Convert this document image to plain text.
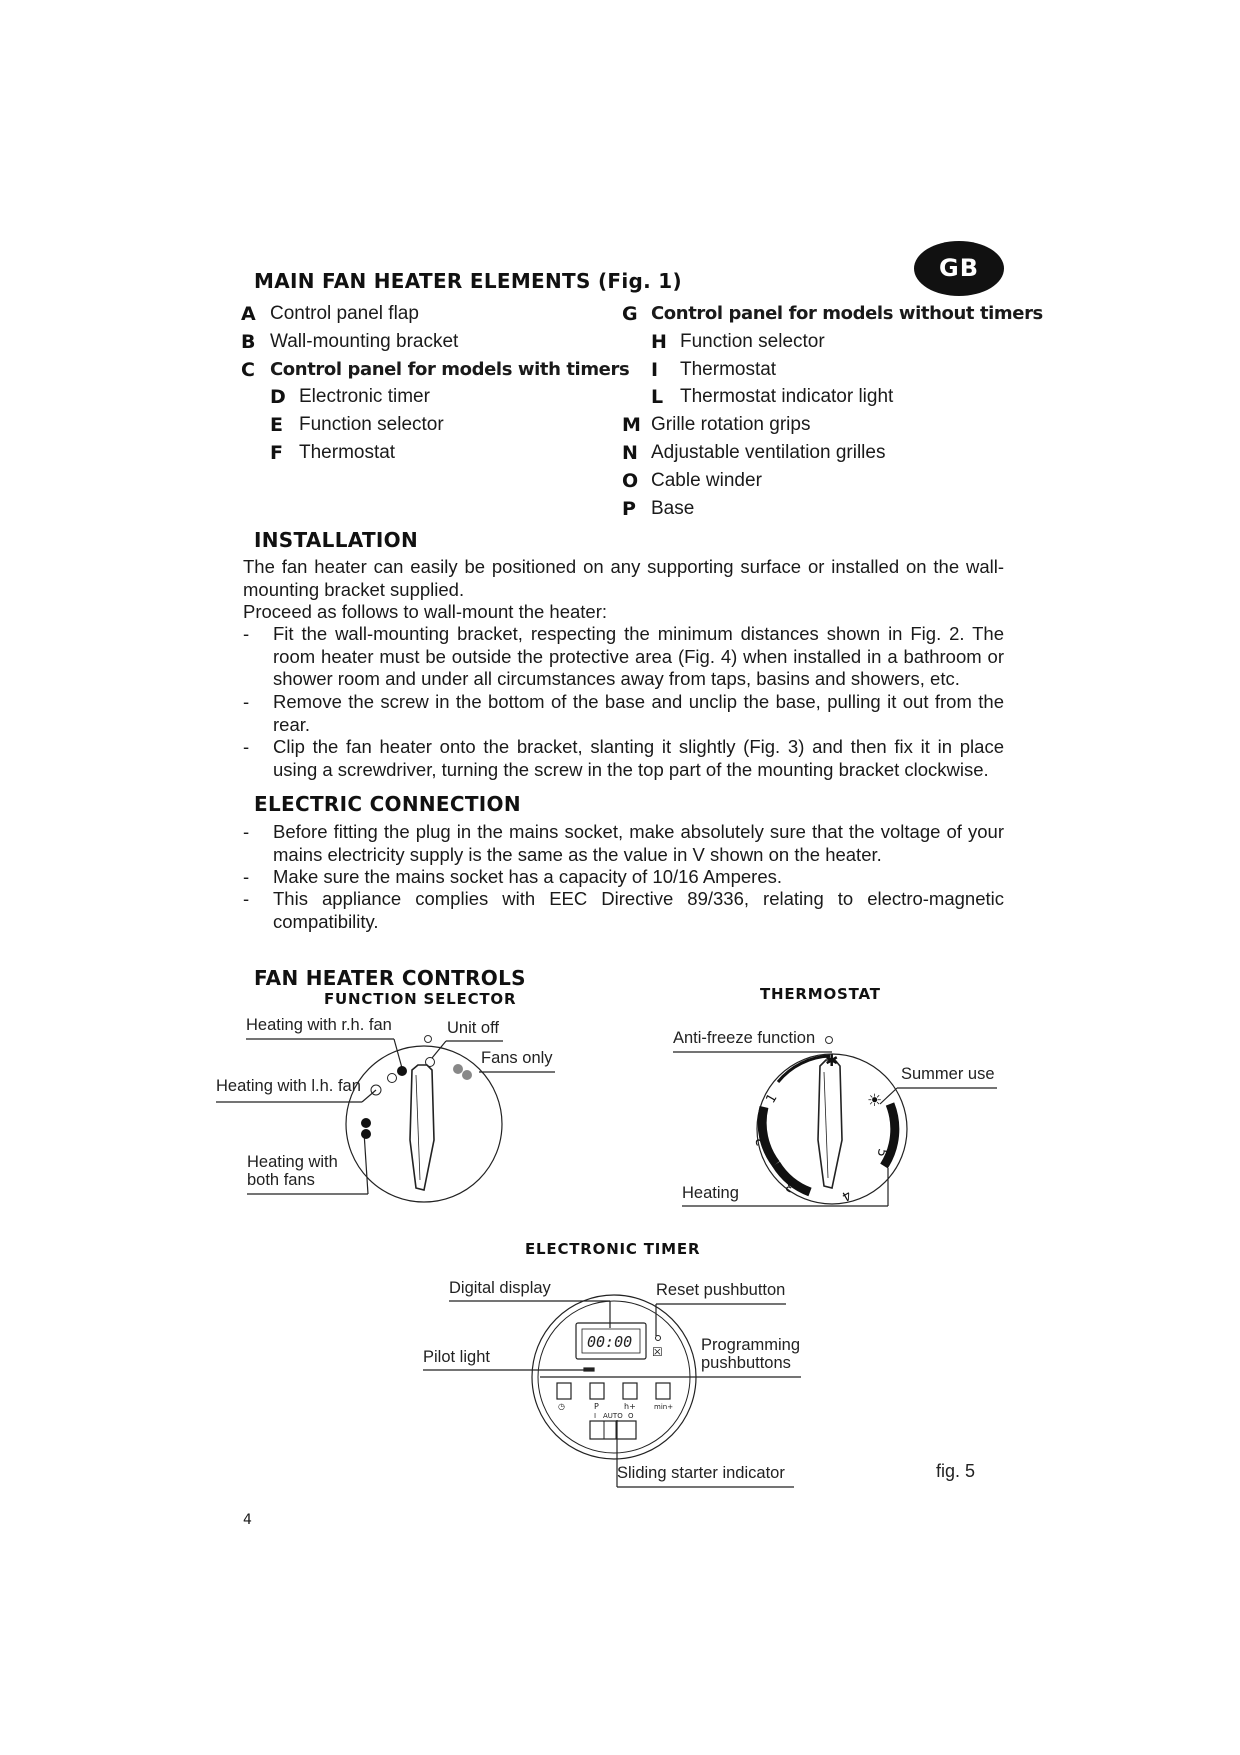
GB
MAIN FAN HEATER ELEMENTS (Fig. 1)
A Control panel flap
B Wall-mounting bracket
C Control panel for models with timers
D Electronic timer
E Function selector
F Thermostat
G Control panel for models without timers
H Function selector
I Thermostat
L Thermostat indicator light
M Grille rotation grips
N Adjustable ventilation grilles
O Cable winder
P Base
INSTALLATION
The fan heater can easily be positioned on any supporting surface or installed on the wall-mounting bracket supplied.
Proceed as follows to wall-mount the heater:
- Fit the wall-mounting bracket, respecting the minimum distances shown in Fig. 2. The room heater must be outside the protective area (Fig. 4) when installed in a bathroom or shower room and under all circumstances away from taps, basins and showers, etc.
- Remove the screw in the bottom of the base and unclip the base, pulling it out from the rear.
- Clip the fan heater onto the bracket, slanting it slightly (Fig. 3) and then fix it in place using a screwdriver, turning the screw in the top part of the mounting bracket clockwise.
ELECTRIC CONNECTION
- Before fitting the plug in the mains socket, make absolutely sure that the voltage of your mains electricity supply is the same as the value in V shown on the heater.
- Make sure the mains socket has a capacity of 10/16 Amperes.
- This appliance complies with EEC Directive 89/336, relating to electro-magnetic compatibility.
FAN HEATER CONTROLS
FUNCTION SELECTOR	THERMOSTAT
Heating with r.h. fan	Unit off
Fans only
Heating with l.h. fan
Heating with
both fans
Anti-freeze function
Summer use
Heating
✱
☀
1
2
3
4
5
ELECTRONIC TIMER
Digital display	Reset pushbutton
Pilot light
Programming
pushbuttons
Sliding starter indicator
00:00
☒
◷	P	h+	min+
I AUTO O
fig. 5
4
